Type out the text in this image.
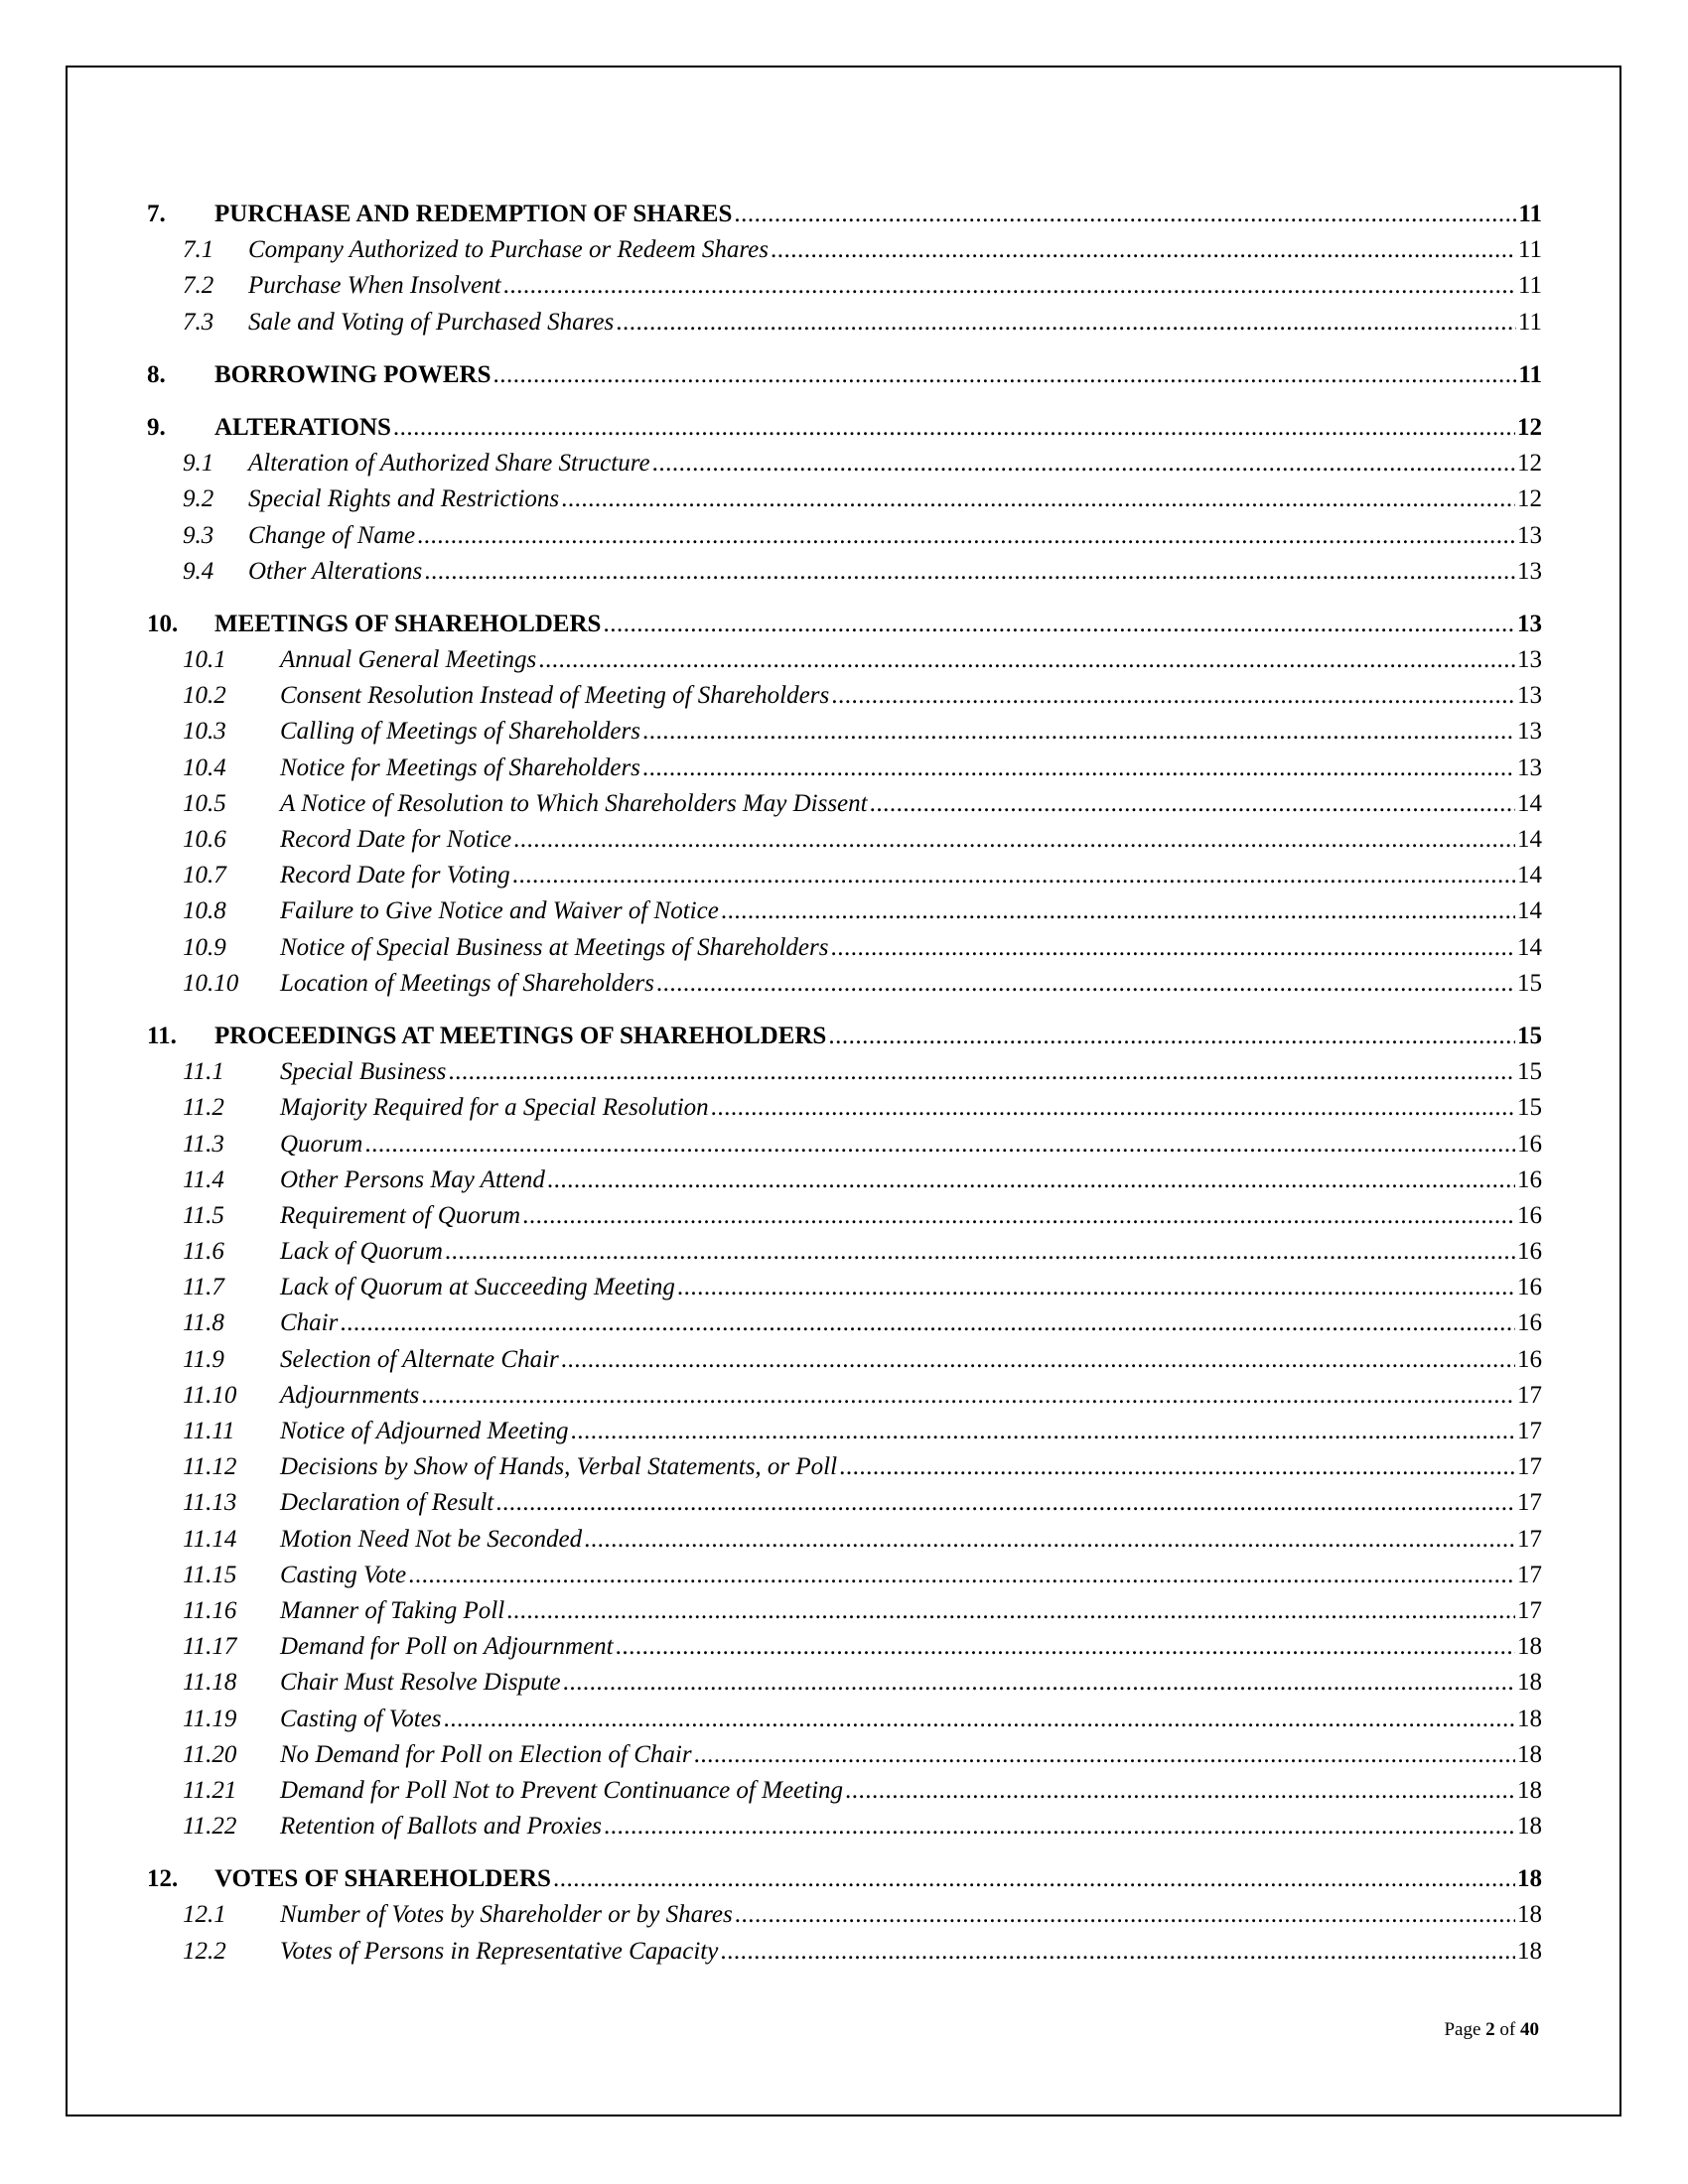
7.	PURCHASE AND REDEMPTION OF SHARES .....	11
7.1	Company Authorized to Purchase or Redeem Shares .....	11
7.2	Purchase When Insolvent .....	11
7.3	Sale and Voting of Purchased Shares .....	11
8.	BORROWING POWERS .....	11
9.	ALTERATIONS .....	12
9.1	Alteration of Authorized Share Structure .....	12
9.2	Special Rights and Restrictions .....	12
9.3	Change of Name .....	13
9.4	Other Alterations .....	13
10.	MEETINGS OF SHAREHOLDERS .....	13
10.1	Annual General Meetings .....	13
10.2	Consent Resolution Instead of Meeting of Shareholders .....	13
10.3	Calling of Meetings of Shareholders .....	13
10.4	Notice for Meetings of Shareholders .....	13
10.5	A Notice of Resolution to Which Shareholders May Dissent .....	14
10.6	Record Date for Notice .....	14
10.7	Record Date for Voting .....	14
10.8	Failure to Give Notice and Waiver of Notice .....	14
10.9	Notice of Special Business at Meetings of Shareholders .....	14
10.10	Location of Meetings of Shareholders .....	15
11.	PROCEEDINGS AT MEETINGS OF SHAREHOLDERS .....	15
11.1	Special Business .....	15
11.2	Majority Required for a Special Resolution .....	15
11.3	Quorum .....	16
11.4	Other Persons May Attend .....	16
11.5	Requirement of Quorum .....	16
11.6	Lack of Quorum .....	16
11.7	Lack of Quorum at Succeeding Meeting .....	16
11.8	Chair .....	16
11.9	Selection of Alternate Chair .....	16
11.10	Adjournments .....	17
11.11	Notice of Adjourned Meeting .....	17
11.12	Decisions by Show of Hands, Verbal Statements, or Poll .....	17
11.13	Declaration of Result .....	17
11.14	Motion Need Not be Seconded .....	17
11.15	Casting Vote .....	17
11.16	Manner of Taking Poll .....	17
11.17	Demand for Poll on Adjournment .....	18
11.18	Chair Must Resolve Dispute .....	18
11.19	Casting of Votes .....	18
11.20	No Demand for Poll on Election of Chair .....	18
11.21	Demand for Poll Not to Prevent Continuance of Meeting .....	18
11.22	Retention of Ballots and Proxies .....	18
12.	VOTES OF SHAREHOLDERS .....	18
12.1	Number of Votes by Shareholder or by Shares .....	18
12.2	Votes of Persons in Representative Capacity .....	18
Page 2 of 40
